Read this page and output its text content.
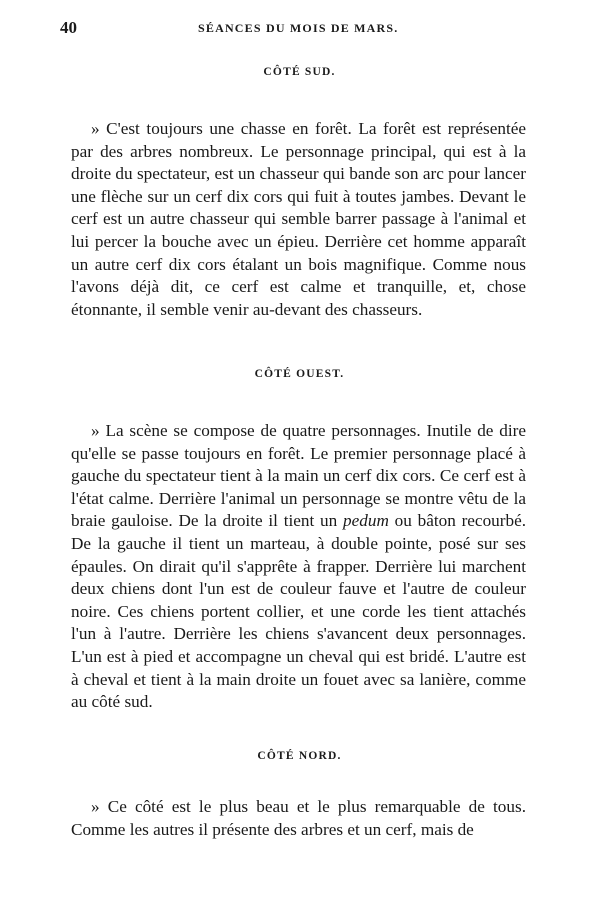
40	SÉANCES DU MOIS DE MARS.
CÔTÉ SUD.

» C'est toujours une chasse en forêt. La forêt est représentée par des arbres nombreux. Le personnage principal, qui est à la droite du spectateur, est un chasseur qui bande son arc pour lancer une flèche sur un cerf dix cors qui fuit à toutes jambes. Devant le cerf est un autre chasseur qui semble barrer passage à l'animal et lui percer la bouche avec un épieu. Derrière cet homme apparaît un autre cerf dix cors étalant un bois magnifique. Comme nous l'avons déjà dit, ce cerf est calme et tranquille, et, chose étonnante, il semble venir au-devant des chasseurs.

CÔTÉ OUEST.

» La scène se compose de quatre personnages. Inutile de dire qu'elle se passe toujours en forêt. Le premier personnage placé à gauche du spectateur tient à la main un cerf dix cors. Ce cerf est à l'état calme. Derrière l'animal un personnage se montre vêtu de la braie gauloise. De la droite il tient un pedum ou bâton recourbé. De la gauche il tient un marteau, à double pointe, posé sur ses épaules. On dirait qu'il s'apprête à frapper. Derrière lui marchent deux chiens dont l'un est de couleur fauve et l'autre de couleur noire. Ces chiens portent collier, et une corde les tient attachés l'un à l'autre. Derrière les chiens s'avancent deux personnages. L'un est à pied et accompagne un cheval qui est bridé. L'autre est à cheval et tient à la main droite un fouet avec sa lanière, comme au côté sud.

CÔTÉ NORD.

» Ce côté est le plus beau et le plus remarquable de tous. Comme les autres il présente des arbres et un cerf, mais de
